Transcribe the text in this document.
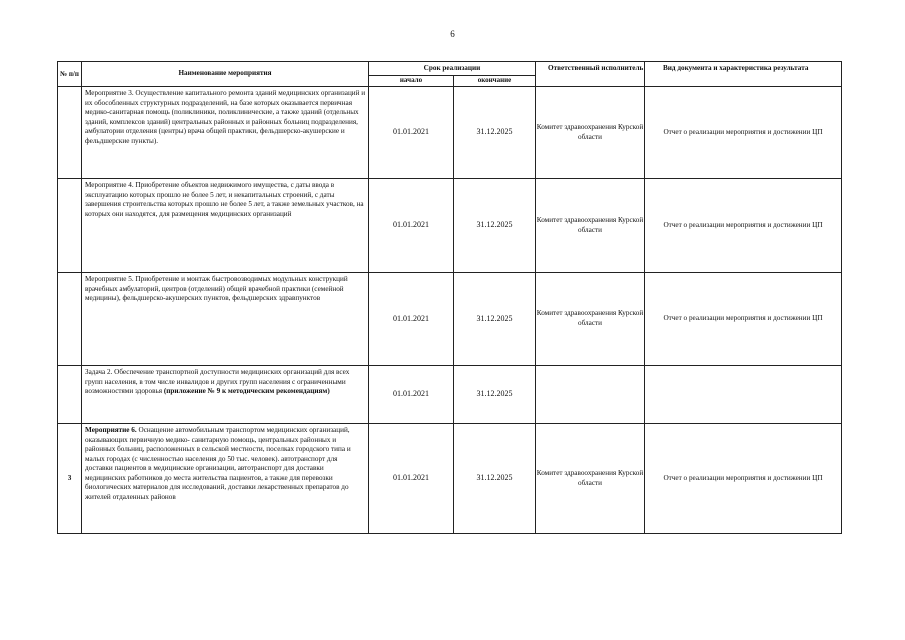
6
№ п/п	Наименование мероприятия	Срок реализации		Ответственный исполнитель	Вид документа и характеристика результата
		начало	окончание		
	Мероприятие 3. Осуществление капитального ремонта зданий медицинских организаций и их обособленных структурных подразделений, на базе которых оказывается первичная медико-санитарная помощь (поликлиники, поликлинические, а также зданий (отдельных зданий, комплексов зданий) центральных районных и районных больниц подразделения, амбулатории отделения (центры) врача общей практики, фельдшерско-акушерские и фельдшерские пункты).	01.01.2021	31.12.2025	Комитет здравоохранения Курской области	Отчет о реализации мероприятия и достижении ЦП
	Мероприятие 4. Приобретение объектов недвижимого имущества, с даты ввода в эксплуатацию которых прошло не более 5 лет, и некапитальных строений, с даты завершения строительства которых прошло не более 5 лет, а также земельных участков, на которых они находятся, для размещения медицинских организаций	01.01.2021	31.12.2025	Комитет здравоохранения Курской области	Отчет о реализации мероприятия и достижении ЦП
	Мероприятие 5. Приобретение и монтаж быстровозводимых модульных конструкций врачебных амбулаторий, центров (отделений) общей врачебной практики (семейной медицины), фельдшерско-акушерских пунктов, фельдшерских здравпунктов	01.01.2021	31.12.2025	Комитет здравоохранения Курской области	Отчет о реализации мероприятия и достижении ЦП
	Задача 2. Обеспечение транспортной доступности медицинских организаций для всех групп населения, в том числе инвалидов и других групп населения с ограниченными возможностями здоровья (приложение № 9 к методическим рекомендациям)	01.01.2021	31.12.2025		
3	Мероприятие 6. Оснащение автомобильным транспортом медицинских организаций, оказывающих первичную медико- санитарную помощь, центральных районных и районных больниц, расположенных в сельской местности, поселках городского типа и малых городах (с численностью населения до 50 тыс. человек). автотранспорт для доставки пациентов в медицинские организации, автотранспорт для доставки медицинских работников до места жительства пациентов, а также для перевозки биологических материалов для исследований, доставки лекарственных препаратов до жителей отдаленных районов	01.01.2021	31.12.2025	Комитет здравоохранения Курской области	Отчет о реализации мероприятия и достижении ЦП
